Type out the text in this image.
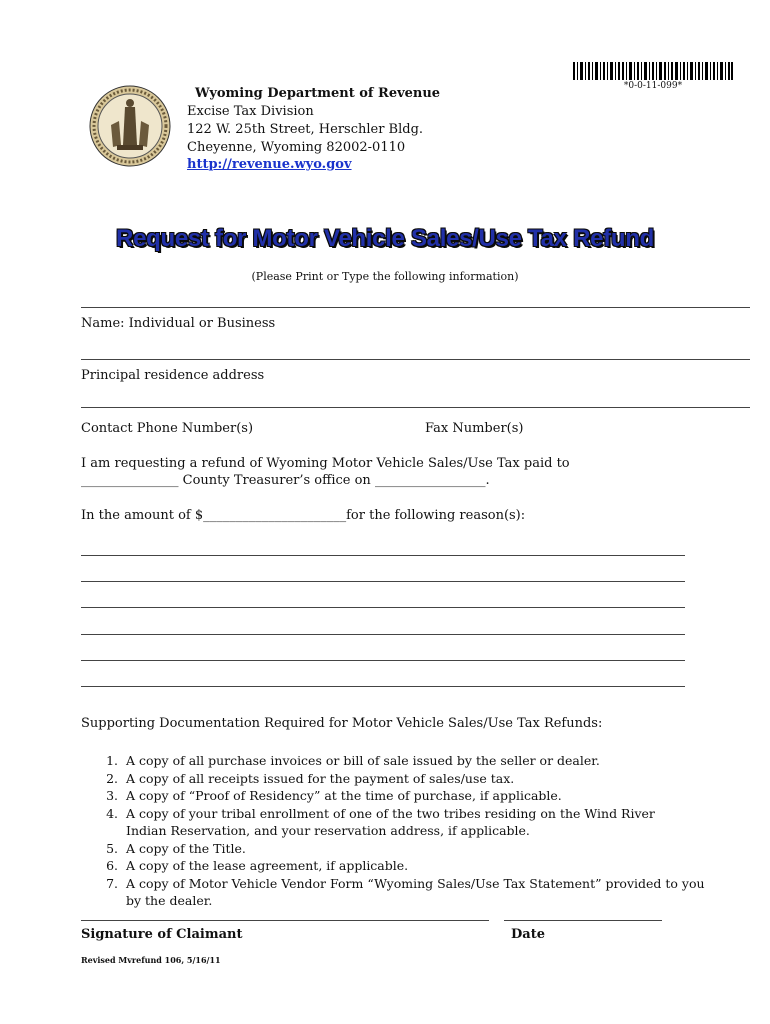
*0-0-11-099*
Wyoming Department of Revenue
Excise Tax Division
122 W. 25th Street, Herschler Bldg.
Cheyenne, Wyoming 82002-0110
http://revenue.wyo.gov
Request for Motor Vehicle Sales/Use Tax Refund
(Please Print or Type the following information)
Name: Individual or Business
Principal residence address
Contact Phone Number(s)	Fax Number(s)
I am requesting a refund of Wyoming Motor Vehicle Sales/Use Tax paid to
_______________ County Treasurer’s office on _________________.
In the amount of $______________________for the following reason(s):
Supporting Documentation Required for Motor Vehicle Sales/Use Tax Refunds:
1. A copy of all purchase invoices or bill of sale issued by the seller or dealer.
2. A copy of all receipts issued for the payment of sales/use tax.
3. A copy of “Proof of Residency” at the time of purchase, if applicable.
4. A copy of your tribal enrollment of one of the two tribes residing on the Wind River Indian Reservation, and your reservation address, if applicable.
5. A copy of the Title.
6. A copy of the lease agreement, if applicable.
7. A copy of Motor Vehicle Vendor Form “Wyoming Sales/Use Tax Statement” provided to you by the dealer.
Signature of Claimant	Date
Revised Mvrefund 106, 5/16/11
